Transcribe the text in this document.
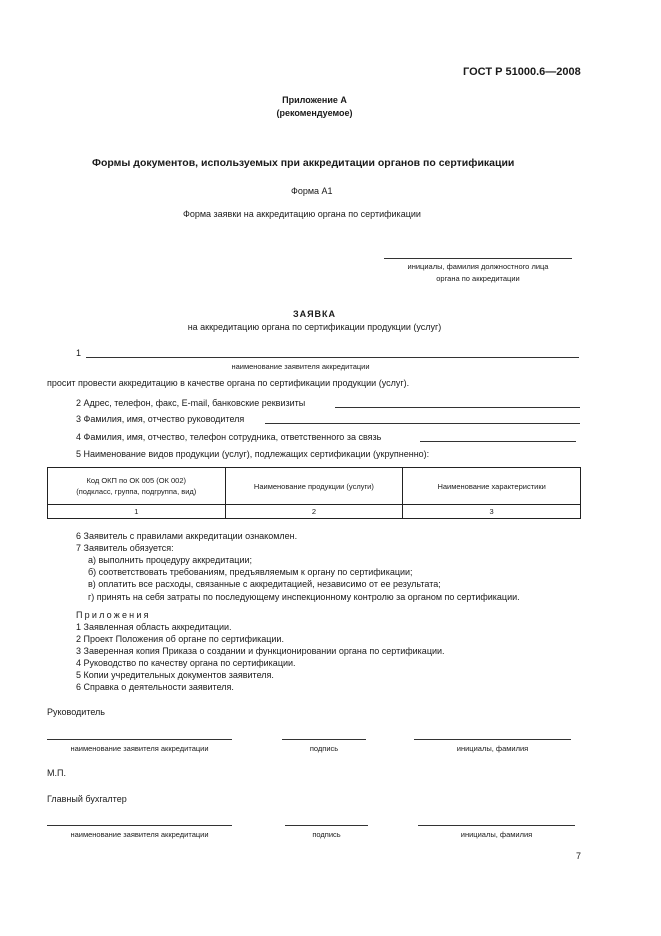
ГОСТ Р 51000.6—2008
Приложение А
(рекомендуемое)
Формы документов, используемых при аккредитации органов по сертификации
Форма А1
Форма заявки на аккредитацию органа по сертификации
инициалы, фамилия должностного лица
органа по аккредитации
ЗАЯВКА
на аккредитацию органа по сертификации продукции (услуг)
1
наименование заявителя аккредитации
просит провести аккредитацию в качестве органа по сертификации продукции (услуг).
2 Адрес, телефон, факс, E-mail, банковские реквизиты
3 Фамилия, имя, отчество руководителя
4 Фамилия, имя, отчество, телефон сотрудника, ответственного за связь
5 Наименование видов продукции (услуг), подлежащих сертификации (укрупненно):
Код ОКП по ОК 005 (ОК 002)
(подкласс, группа, подгруппа, вид)	Наименование продукции (услуги)	Наименование характеристики
1	2	3
6 Заявитель с правилами аккредитации ознакомлен.
7 Заявитель обязуется:
а) выполнить процедуру аккредитации;
б) соответствовать требованиям, предъявляемым к органу по сертификации;
в) оплатить все расходы, связанные с аккредитацией, независимо от ее результата;
г) принять на себя затраты по последующему инспекционному контролю за органом по сертификации.
Приложения
1 Заявленная область аккредитации.
2 Проект Положения об органе по сертификации.
3 Заверенная копия Приказа о создании и функционировании органа по сертификации.
4 Руководство по качеству органа по сертификации.
5 Копии учредительных документов заявителя.
6 Справка о деятельности заявителя.
Руководитель
наименование заявителя аккредитации	подпись	инициалы, фамилия
М.П.
Главный бухгалтер
наименование заявителя аккредитации	подпись	инициалы, фамилия
7
